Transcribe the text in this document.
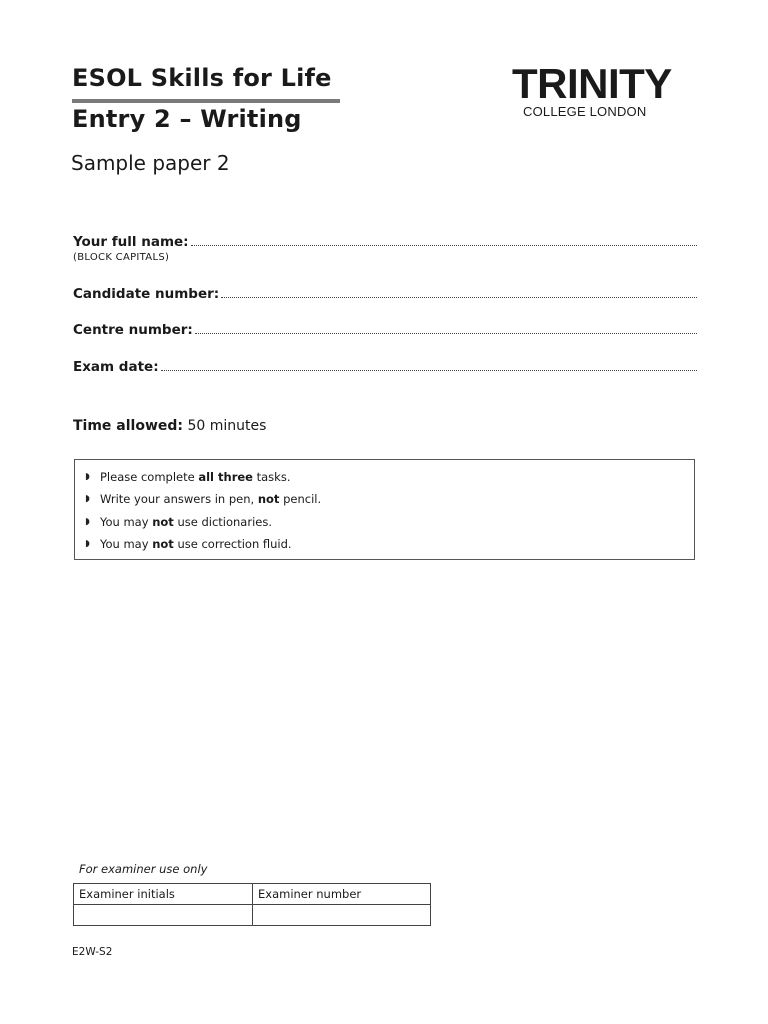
ESOL Skills for Life
Entry 2 – Writing
Sample paper 2
TRINITY
COLLEGE LONDON
Your full name:
(BLOCK CAPITALS)
Candidate number:
Centre number:
Exam date:
Time allowed: 50 minutes
◗ Please complete all three tasks.
◗ Write your answers in pen, not pencil.
◗ You may not use dictionaries.
◗ You may not use correction fluid.
For examiner use only
Examiner initials	Examiner number

E2W-S2
